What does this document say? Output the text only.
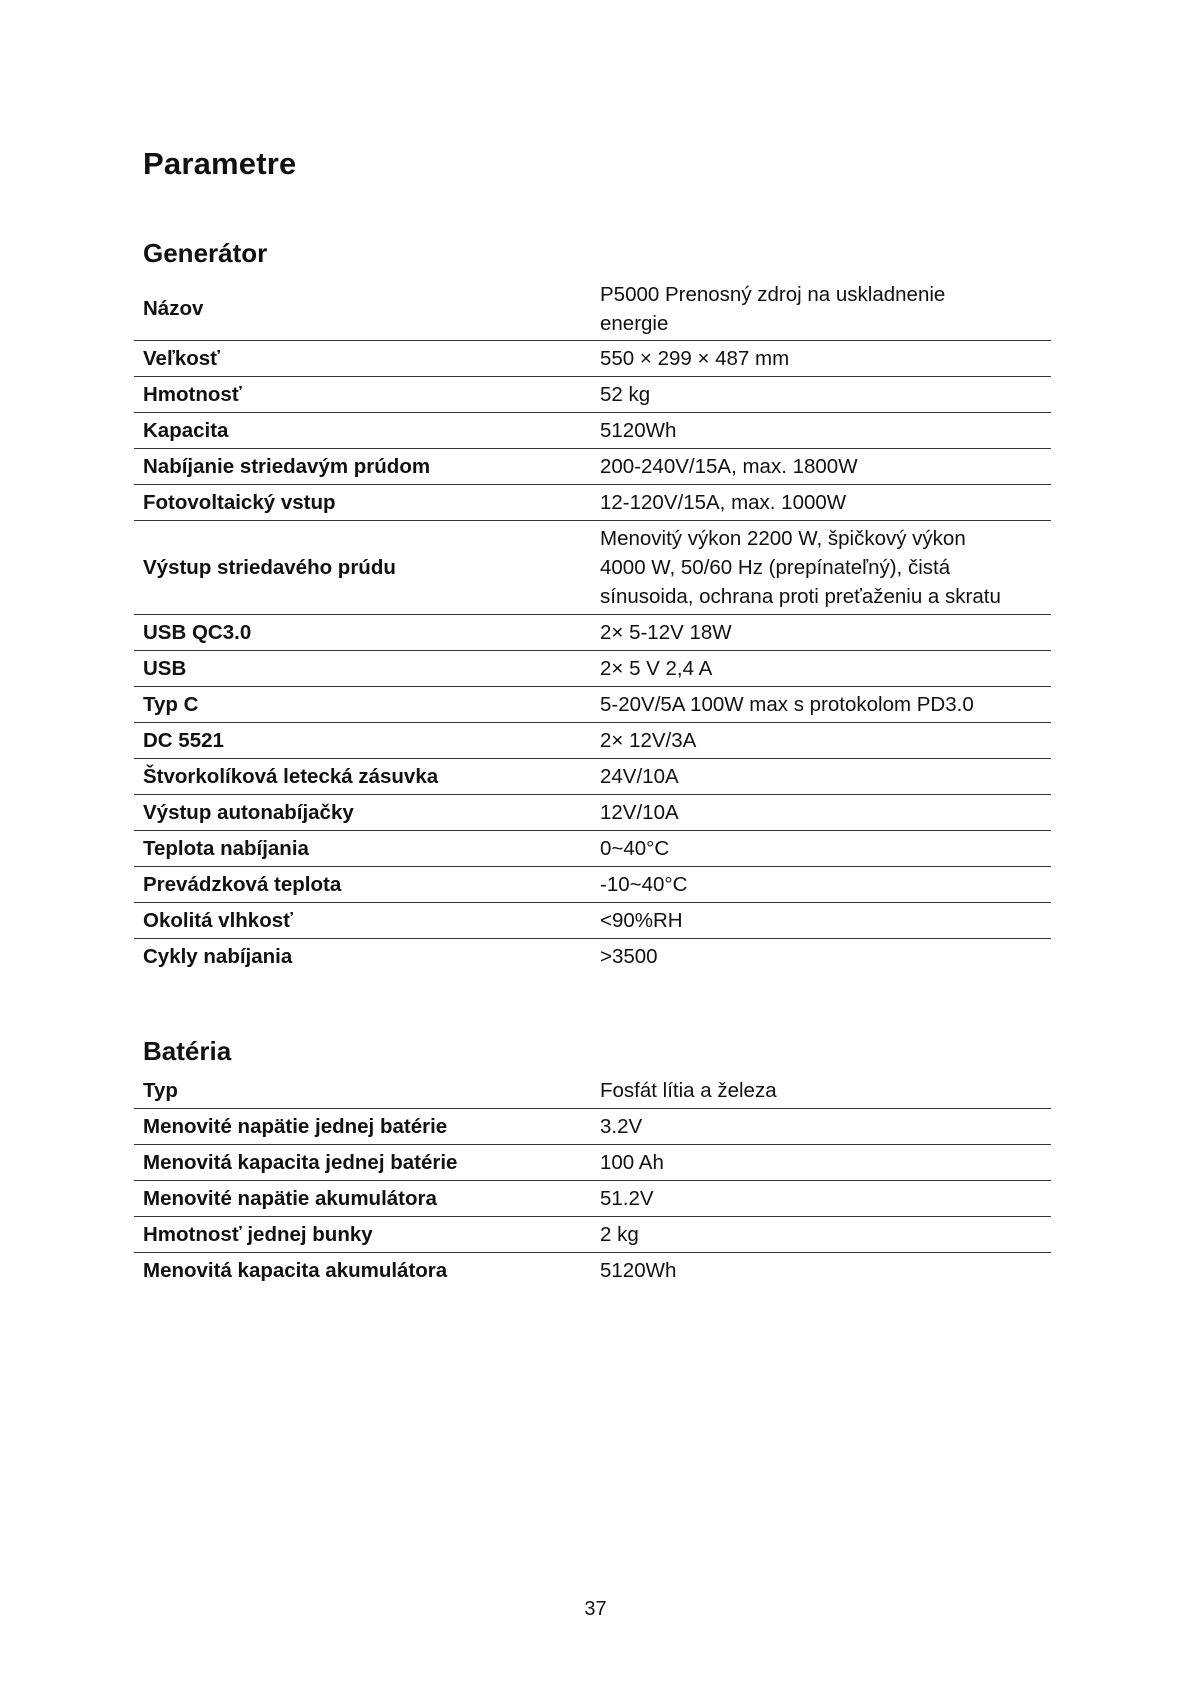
Parametre
Generátor
Názov	P5000 Prenosný zdroj na uskladnenie
energie
Veľkosť	550 × 299 × 487 mm
Hmotnosť	52 kg
Kapacita	5120Wh
Nabíjanie striedavým prúdom	200-240V/15A, max. 1800W
Fotovoltaický vstup	12-120V/15A, max. 1000W
Výstup striedavého prúdu	Menovitý výkon 2200 W, špičkový výkon
4000 W, 50/60 Hz (prepínateľný), čistá
sínusoida, ochrana proti preťaženiu a skratu
USB QC3.0	2× 5-12V 18W
USB	2× 5 V 2,4 A
Typ C	5-20V/5A 100W max s protokolom PD3.0
DC 5521	2× 12V/3A
Štvorkolíková letecká zásuvka	24V/10A
Výstup autonabíjačky	12V/10A
Teplota nabíjania	0~40°C
Prevádzková teplota	-10~40°C
Okolitá vlhkosť	<90%RH
Cykly nabíjania	>3500
Batéria
Typ	Fosfát lítia a železa
Menovité napätie jednej batérie	3.2V
Menovitá kapacita jednej batérie	100 Ah
Menovité napätie akumulátora	51.2V
Hmotnosť jednej bunky	2 kg
Menovitá kapacita akumulátora	5120Wh
37
